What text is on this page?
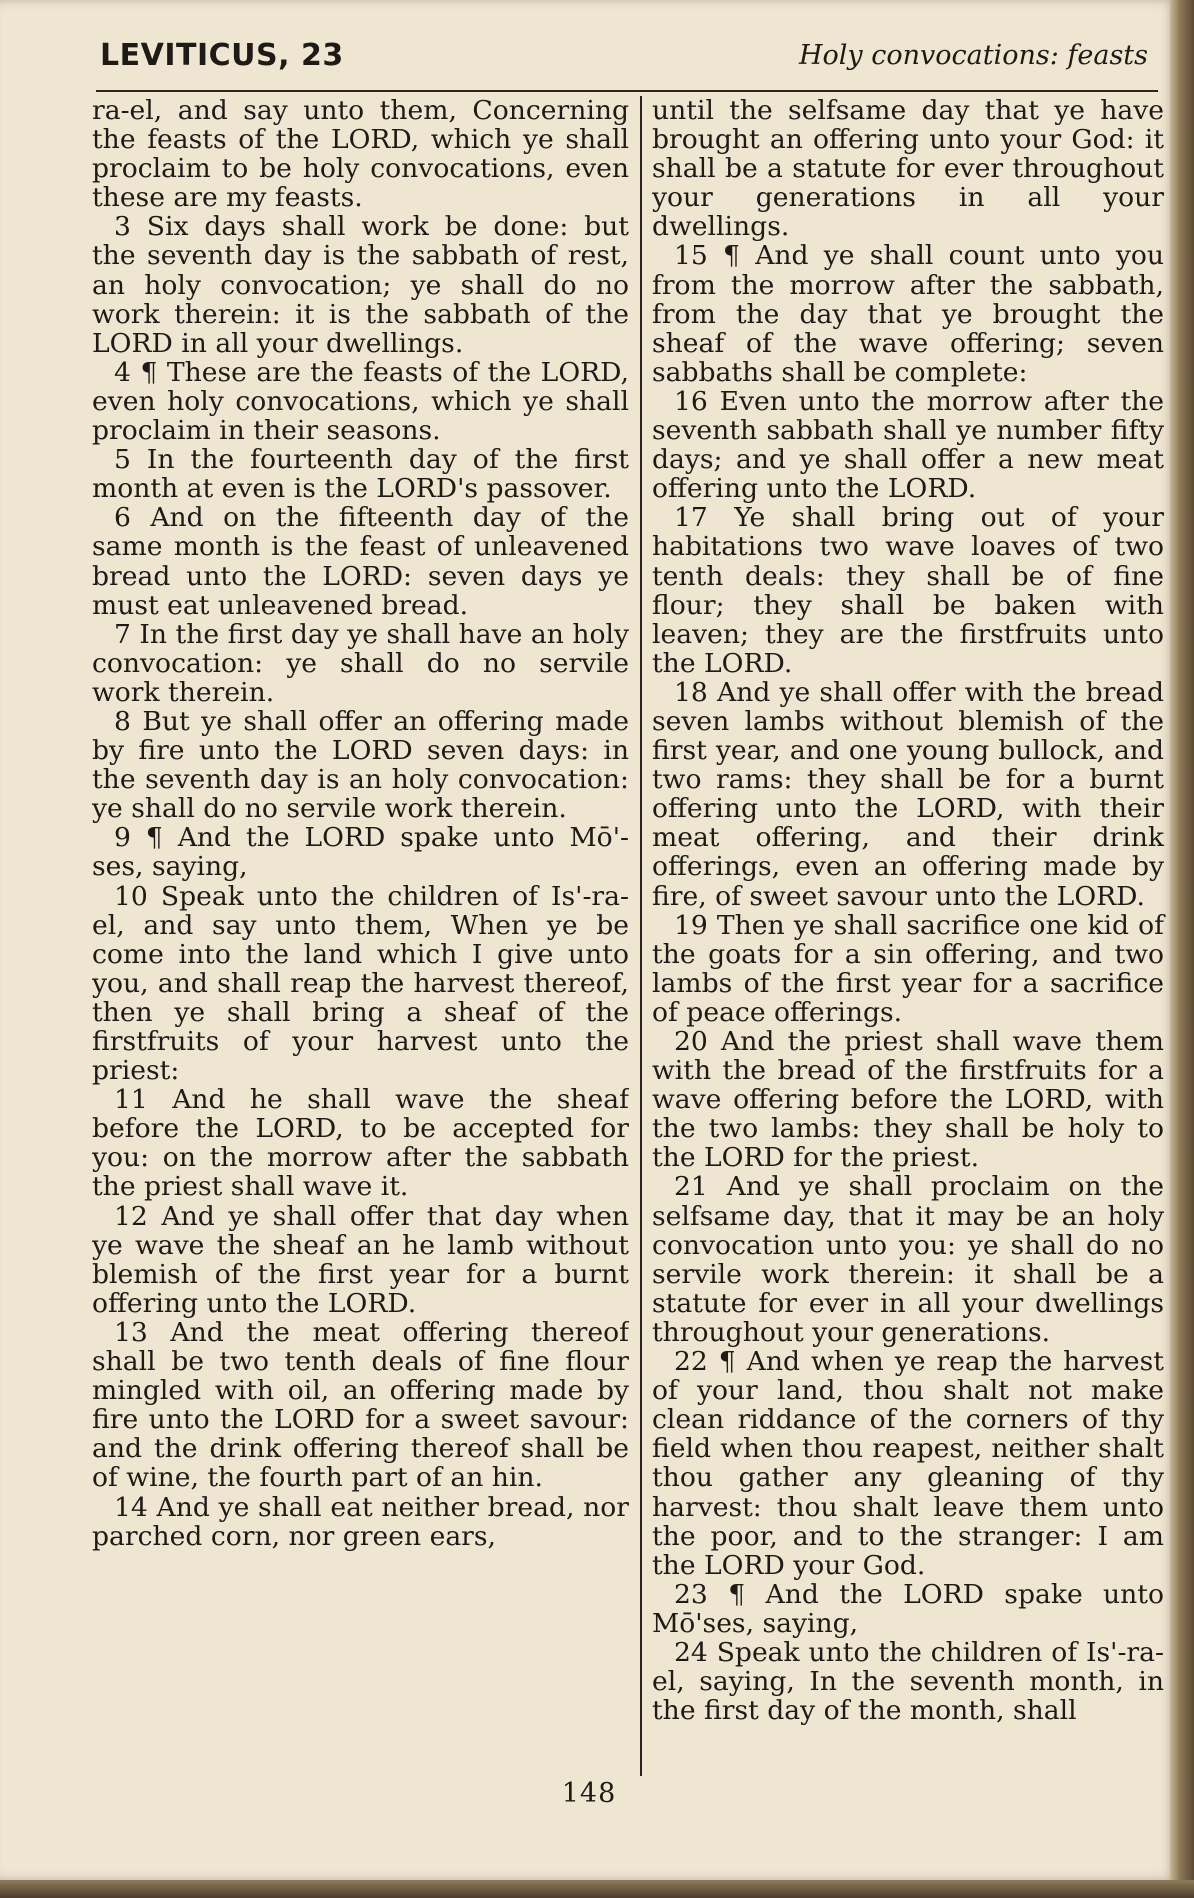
LEVITICUS, 23	Holy convocations: feasts

ra-el, and say unto them, Concerning the feasts of the LORD, which ye shall proclaim to be holy convocations, even these are my feasts.

3 Six days shall work be done: but the seventh day is the sabbath of rest, an holy convocation; ye shall do no work therein: it is the sabbath of the LORD in all your dwellings.

4 ¶ These are the feasts of the LORD, even holy convocations, which ye shall proclaim in their seasons.

5 In the fourteenth day of the first month at even is the LORD's passover.

6 And on the fifteenth day of the same month is the feast of unleavened bread unto the LORD: seven days ye must eat unleavened bread.

7 In the first day ye shall have an holy convocation: ye shall do no servile work therein.

8 But ye shall offer an offering made by fire unto the LORD seven days: in the seventh day is an holy convocation: ye shall do no servile work therein.

9 ¶ And the LORD spake unto Mō'-ses, saying,

10 Speak unto the children of Is'-ra-el, and say unto them, When ye be come into the land which I give unto you, and shall reap the harvest thereof, then ye shall bring a sheaf of the firstfruits of your harvest unto the priest:

11 And he shall wave the sheaf before the LORD, to be accepted for you: on the morrow after the sabbath the priest shall wave it.

12 And ye shall offer that day when ye wave the sheaf an he lamb without blemish of the first year for a burnt offering unto the LORD.

13 And the meat offering thereof shall be two tenth deals of fine flour mingled with oil, an offering made by fire unto the LORD for a sweet savour: and the drink offering thereof shall be of wine, the fourth part of an hin.

14 And ye shall eat neither bread, nor parched corn, nor green ears,

until the selfsame day that ye have brought an offering unto your God: it shall be a statute for ever throughout your generations in all your dwellings.

15 ¶ And ye shall count unto you from the morrow after the sabbath, from the day that ye brought the sheaf of the wave offering; seven sabbaths shall be complete:

16 Even unto the morrow after the seventh sabbath shall ye number fifty days; and ye shall offer a new meat offering unto the LORD.

17 Ye shall bring out of your habitations two wave loaves of two tenth deals: they shall be of fine flour; they shall be baken with leaven; they are the firstfruits unto the LORD.

18 And ye shall offer with the bread seven lambs without blemish of the first year, and one young bullock, and two rams: they shall be for a burnt offering unto the LORD, with their meat offering, and their drink offerings, even an offering made by fire, of sweet savour unto the LORD.

19 Then ye shall sacrifice one kid of the goats for a sin offering, and two lambs of the first year for a sacrifice of peace offerings.

20 And the priest shall wave them with the bread of the firstfruits for a wave offering before the LORD, with the two lambs: they shall be holy to the LORD for the priest.

21 And ye shall proclaim on the selfsame day, that it may be an holy convocation unto you: ye shall do no servile work therein: it shall be a statute for ever in all your dwellings throughout your generations.

22 ¶ And when ye reap the harvest of your land, thou shalt not make clean riddance of the corners of thy field when thou reapest, neither shalt thou gather any gleaning of thy harvest: thou shalt leave them unto the poor, and to the stranger: I am the LORD your God.

23 ¶ And the LORD spake unto Mō'ses, saying,

24 Speak unto the children of Is'-ra-el, saying, In the seventh month, in the first day of the month, shall

148
